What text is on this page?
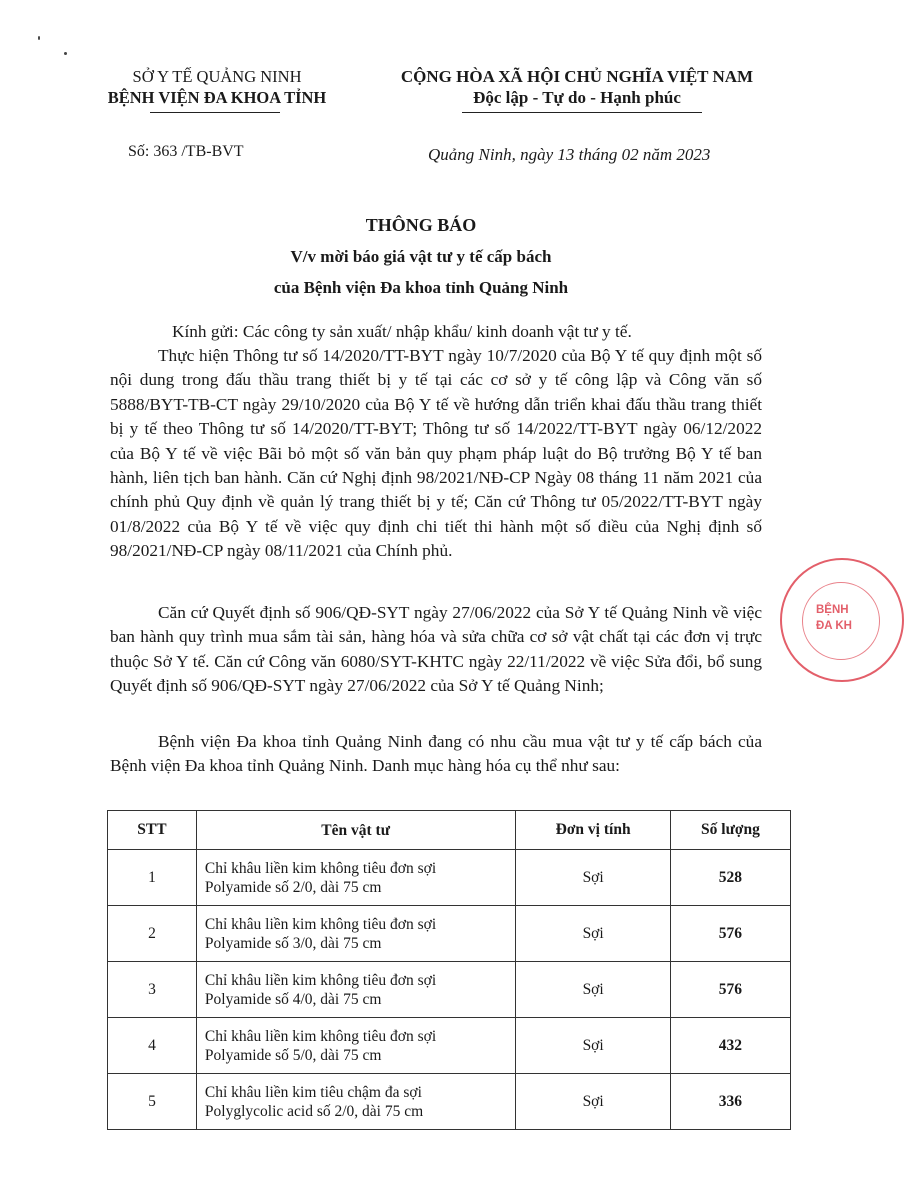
SỞ Y TẾ QUẢNG NINH
BỆNH VIỆN ĐA KHOA TỈNH
CỘNG HÒA XÃ HỘI CHỦ NGHĨA VIỆT NAM
Độc lập - Tự do - Hạnh phúc
Số: 363 /TB-BVT	Quảng Ninh, ngày 13 tháng 02 năm 2023
THÔNG BÁO
V/v mời báo giá vật tư y tế cấp bách
của Bệnh viện Đa khoa tỉnh Quảng Ninh

Kính gửi: Các công ty sản xuất/ nhập khẩu/ kinh doanh vật tư y tế.

Thực hiện Thông tư số 14/2020/TT-BYT ngày 10/7/2020 của Bộ Y tế quy định một số nội dung trong đấu thầu trang thiết bị y tế tại các cơ sở y tế công lập và Công văn số 5888/BYT-TB-CT ngày 29/10/2020 của Bộ Y tế về hướng dẫn triển khai đấu thầu trang thiết bị y tế theo Thông tư số 14/2020/TT-BYT; Thông tư số 14/2022/TT-BYT ngày 06/12/2022 của Bộ Y tế về việc Bãi bỏ một số văn bản quy phạm pháp luật do Bộ trưởng Bộ Y tế ban hành, liên tịch ban hành. Căn cứ Nghị định 98/2021/NĐ-CP Ngày 08 tháng 11 năm 2021 của chính phủ Quy định về quản lý trang thiết bị y tế; Căn cứ Thông tư 05/2022/TT-BYT ngày 01/8/2022 của Bộ Y tế về việc quy định chi tiết thi hành một số điều của Nghị định số 98/2021/NĐ-CP ngày 08/11/2021 của Chính phủ.

Căn cứ Quyết định số 906/QĐ-SYT ngày 27/06/2022 của Sở Y tế Quảng Ninh về việc ban hành quy trình mua sắm tài sản, hàng hóa và sửa chữa cơ sở vật chất tại các đơn vị trực thuộc Sở Y tế. Căn cứ Công văn 6080/SYT-KHTC ngày 22/11/2022 về việc Sửa đổi, bổ sung Quyết định số 906/QĐ-SYT ngày 27/06/2022 của Sở Y tế Quảng Ninh;

Bệnh viện Đa khoa tỉnh Quảng Ninh đang có nhu cầu mua vật tư y tế cấp bách của Bệnh viện Đa khoa tỉnh Quảng Ninh. Danh mục hàng hóa cụ thể như sau:

STT	Tên vật tư	Đơn vị tính	Số lượng
1	Chỉ khâu liền kim không tiêu đơn sợi
Polyamide số 2/0, dài 75 cm	Sợi	528
2	Chỉ khâu liền kim không tiêu đơn sợi
Polyamide số 3/0, dài 75 cm	Sợi	576
3	Chỉ khâu liền kim không tiêu đơn sợi
Polyamide số 4/0, dài 75 cm	Sợi	576
4	Chỉ khâu liền kim không tiêu đơn sợi
Polyamide số 5/0, dài 75 cm	Sợi	432
5	Chỉ khâu liền kim tiêu chậm đa sợi
Polyglycolic acid số 2/0, dài 75 cm	Sợi	336
BỆNH
ĐA KH
